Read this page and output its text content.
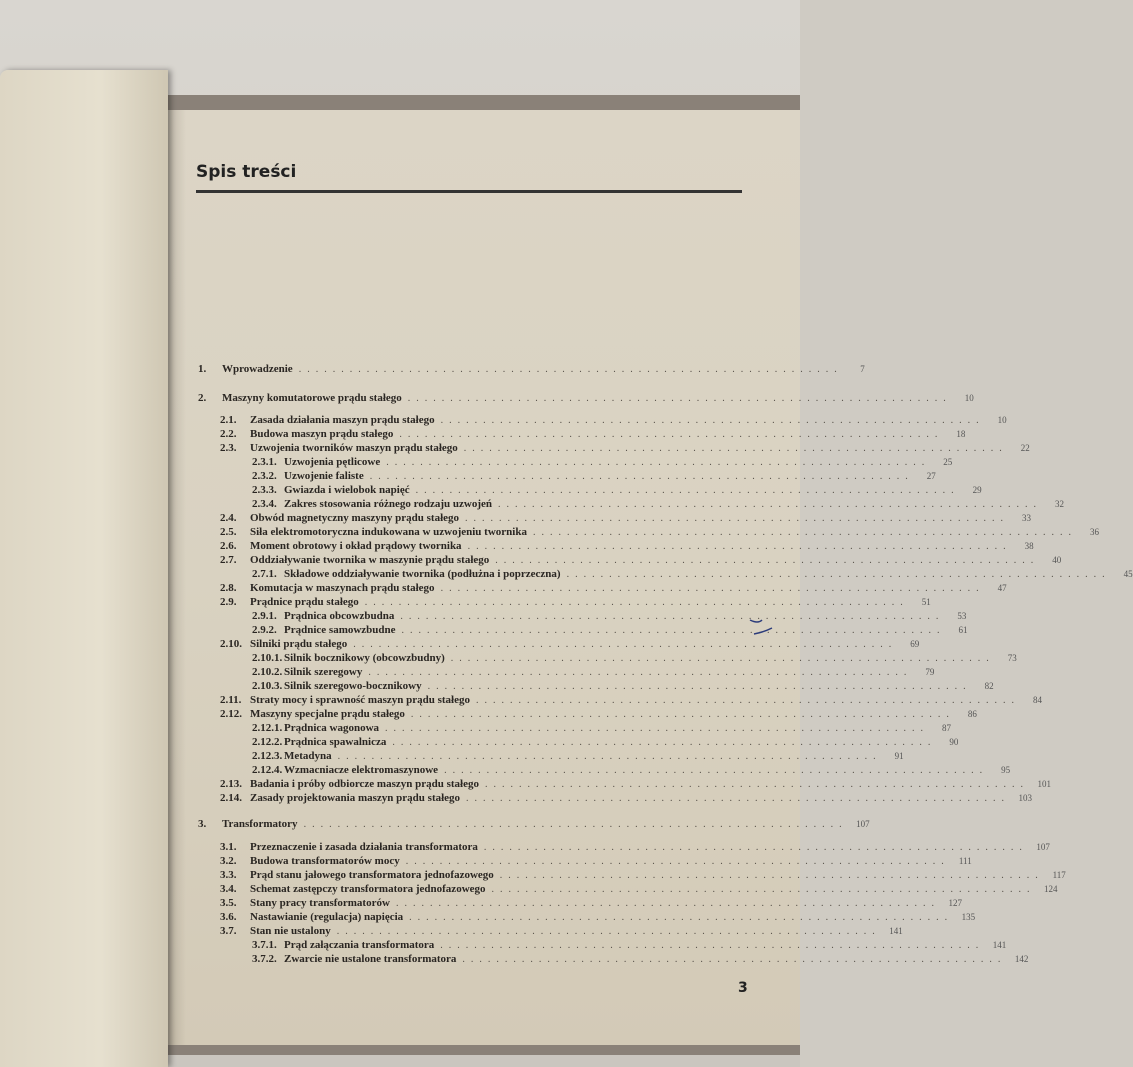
Spis treści
1.	Wprowadzenie ................................................................	7
2.	Maszyny komutatorowe prądu stałego ................................................................	10
2.1.	Zasada działania maszyn prądu stałego ................................................................	10
2.2.	Budowa maszyn prądu stałego ................................................................	18
2.3.	Uzwojenia tworników maszyn prądu stałego ................................................................	22
2.3.1. Uzwojenia pętlicowe ................................................................	25
2.3.2. Uzwojenie faliste ................................................................	27
2.3.3. Gwiazda i wielobok napięć ................................................................	29
2.3.4. Zakres stosowania różnego rodzaju uzwojeń ................................................................	32
2.4.	Obwód magnetyczny maszyny prądu stałego ................................................................	33
2.5.	Siła elektromotoryczna indukowana w uzwojeniu twornika ................................................................	36
2.6.	Moment obrotowy i okład prądowy twornika ................................................................	38
2.7.	Oddziaływanie twornika w maszynie prądu stałego ................................................................	40
2.7.1. Składowe oddziaływanie twornika (podłużna i poprzeczna) ................................................................	45
2.8.	Komutacja w maszynach prądu stałego ................................................................	47
2.9.	Prądnice prądu stałego ................................................................	51
2.9.1. Prądnica obcowzbudna ................................................................	53
2.9.2. Prądnice samowzbudne ................................................................	61
2.10. Silniki prądu stałego ................................................................	69
2.10.1. Silnik bocznikowy (obcowzbudny) ................................................................	73
2.10.2. Silnik szeregowy ................................................................	79
2.10.3. Silnik szeregowo-bocznikowy ................................................................	82
2.11. Straty mocy i sprawność maszyn prądu stałego ................................................................	84
2.12. Maszyny specjalne prądu stałego ................................................................	86
2.12.1. Prądnica wagonowa ................................................................	87
2.12.2. Prądnica spawalnicza ................................................................	90
2.12.3. Metadyna ................................................................	91
2.12.4. Wzmacniacze elektromaszynowe ................................................................	95
2.13. Badania i próby odbiorcze maszyn prądu stałego ................................................................ 101
2.14. Zasady projektowania maszyn prądu stałego ................................................................ 103
3.	Transformatory ................................................................ 107
3.1.	Przeznaczenie i zasada działania transformatora ................................................................ 107
3.2.	Budowa transformatorów mocy ................................................................	111
3.3.	Prąd stanu jałowego transformatora jednofazowego ................................................................ 117
3.4.	Schemat zastępczy transformatora jednofazowego ................................................................ 124
3.5.	Stany pracy transformatorów ................................................................ 127
3.6.	Nastawianie (regulacja) napięcia ................................................................ 135
3.7.	Stan nie ustalony ................................................................ 141
3.7.1. Prąd załączania transformatora ................................................................ 141
3.7.2. Zwarcie nie ustalone transformatora ................................................................ 142
3
